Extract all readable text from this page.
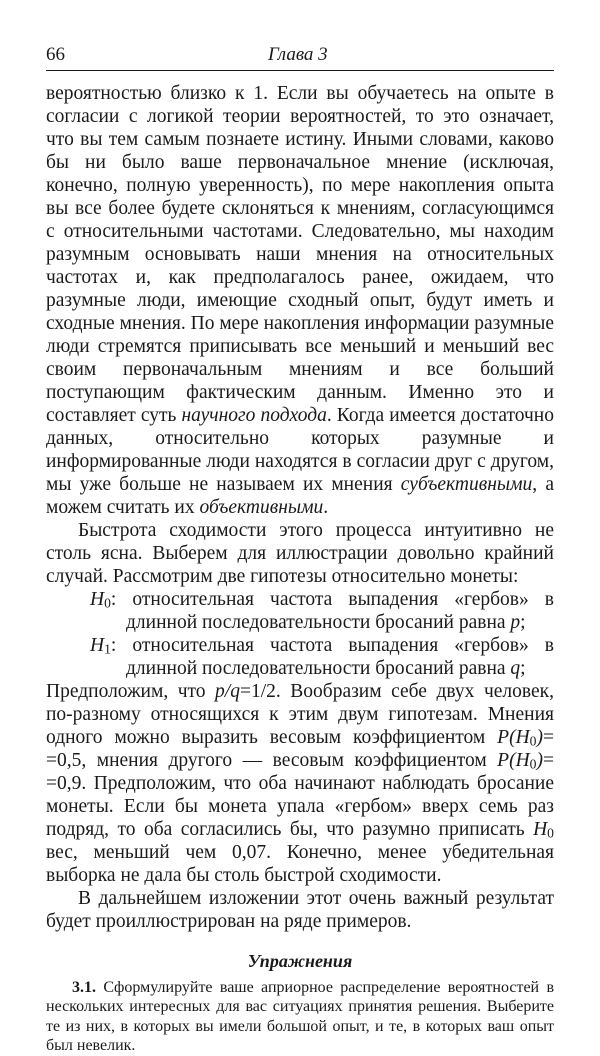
66	Глава 3

вероятностью близко к 1. Если вы обучаетесь на опыте в согласии с логикой теории вероятностей, то это означает, что вы тем самым познаете истину. Иными словами, каково бы ни было ваше первоначальное мнение (исключая, конечно, полную уверенность), по мере накопления опыта вы все более будете склоняться к мнениям, согласующимся с относительными частотами. Следовательно, мы находим разумным основывать наши мнения на относительных частотах и, как предполагалось ранее, ожидаем, что разумные люди, имеющие сходный опыт, будут иметь и сходные мнения. По мере накопления информации разумные люди стремятся приписывать все меньший и меньший вес своим первоначальным мнениям и все больший поступающим фактическим данным. Именно это и составляет суть научного подхода. Когда имеется достаточно данных, относительно которых разумные и информированные люди находятся в согласии друг с другом, мы уже больше не называем их мнения субъективными, а можем считать их объективными.

Быстрота сходимости этого процесса интуитивно не столь ясна. Выберем для иллюстрации довольно крайний случай. Рассмотрим две гипотезы относительно монеты:

$H_0$: относительная частота выпадения «гербов» в длинной последовательности бросаний равна p;

$H_1$: относительная частота выпадения «гербов» в длинной последовательности бросаний равна q;

Предположим, что p/q=1/2. Вообразим себе двух человек, по-разному относящихся к этим двум гипотезам. Мнения одного можно выразить весовым коэффициентом $P(H_0)= =0,5$, мнения другого — весовым коэффициентом $P(H_0)= =0,9$. Предположим, что оба начинают наблюдать бросание монеты. Если бы монета упала «гербом» вверх семь раз подряд, то оба согласились бы, что разумно приписать $H_0$ вес, меньший чем 0,07. Конечно, менее убедительная выборка не дала бы столь быстрой сходимости.

В дальнейшем изложении этот очень важный результат будет проиллюстрирован на ряде примеров.

Упражнения

3.1. Сформулируйте ваше априорное распределение вероятностей в нескольких интересных для вас ситуациях принятия решения. Выберите те из них, в которых вы имели большой опыт, и те, в которых ваш опыт был невелик.
